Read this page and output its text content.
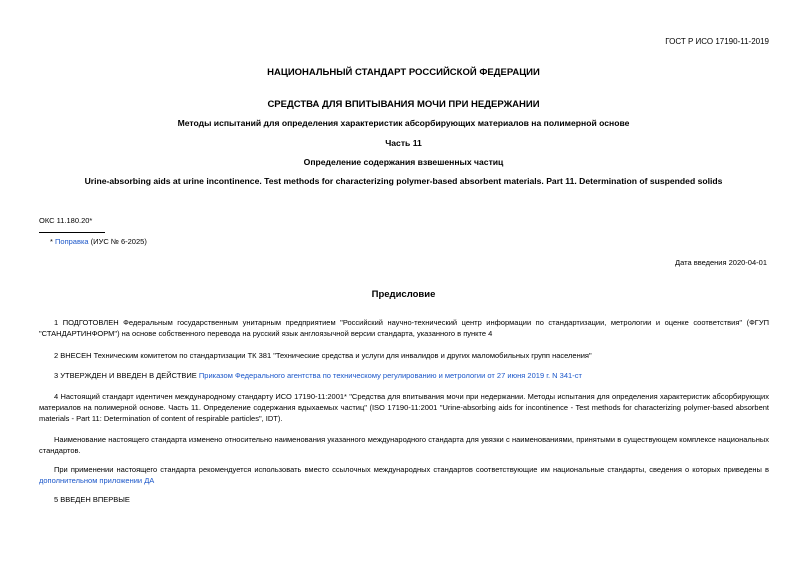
ГОСТ Р ИСО 17190-11-2019
НАЦИОНАЛЬНЫЙ СТАНДАРТ РОССИЙСКОЙ ФЕДЕРАЦИИ
СРЕДСТВА ДЛЯ ВПИТЫВАНИЯ МОЧИ ПРИ НЕДЕРЖАНИИ
Методы испытаний для определения характеристик абсорбирующих материалов на полимерной основе
Часть 11
Определение содержания взвешенных частиц
Urine-absorbing aids at urine incontinence. Test methods for characterizing polymer-based absorbent materials. Part 11. Determination of suspended solids
ОКС 11.180.20*
* Поправка (ИУС № 6-2025)
Дата введения 2020-04-01
Предисловие
1 ПОДГОТОВЛЕН Федеральным государственным унитарным предприятием "Российский научно-технический центр информации по стандартизации, метрологии и оценке соответствия" (ФГУП "СТАНДАРТИНФОРМ") на основе собственного перевода на русский язык англоязычной версии стандарта, указанного в пункте 4
2 ВНЕСЕН Техническим комитетом по стандартизации ТК 381 "Технические средства и услуги для инвалидов и других маломобильных групп населения"
3 УТВЕРЖДЕН И ВВЕДЕН В ДЕЙСТВИЕ Приказом Федерального агентства по техническому регулированию и метрологии от 27 июня 2019 г. N 341-ст
4 Настоящий стандарт идентичен международному стандарту ИСО 17190-11:2001* "Средства для впитывания мочи при недержании. Методы испытания для определения характеристик абсорбирующих материалов на полимерной основе. Часть 11. Определение содержания вдыхаемых частиц" (ISO 17190-11:2001 "Urine-absorbing aids for incontinence - Test methods for characterizing polymer-based absorbent materials - Part 11: Determination of content of respirable particles", IDT).
Наименование настоящего стандарта изменено относительно наименования указанного международного стандарта для увязки с наименованиями, принятыми в существующем комплексе национальных стандартов.
При применении настоящего стандарта рекомендуется использовать вместо ссылочных международных стандартов соответствующие им национальные стандарты, сведения о которых приведены в дополнительном приложении ДА
5 ВВЕДЕН ВПЕРВЫЕ
